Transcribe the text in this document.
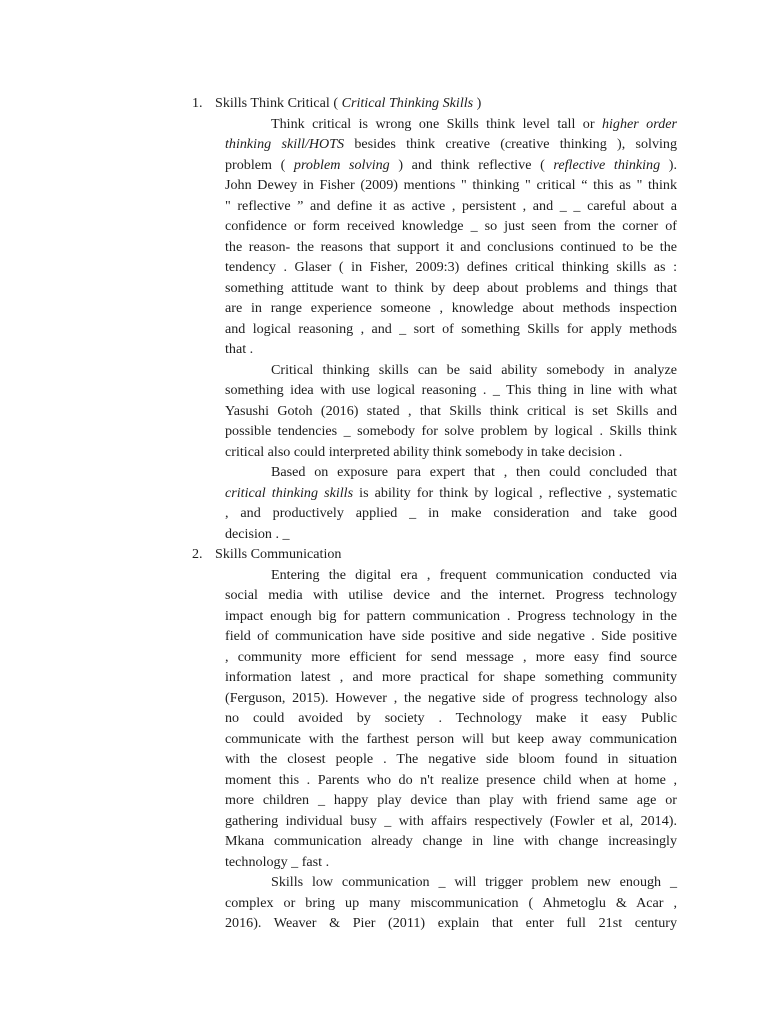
1. Skills Think Critical ( Critical Thinking Skills )
Think critical is wrong one Skills think level tall or higher order
thinking skill/HOTS besides think creative (creative thinking ), solving
problem ( problem solving ) and think reflective ( reflective thinking ).
John Dewey in Fisher (2009) mentions " thinking " critical “ this as " think
" reflective ” and define it as active , persistent , and _ _ careful about a
confidence or form received knowledge _ so just seen from the corner of
the reason- the reasons that support it and conclusions continued to be the
tendency . Glaser ( in Fisher, 2009:3) defines critical thinking skills as :
something attitude want to think by deep about problems and things that
are in range experience someone , knowledge about methods inspection
and logical reasoning , and _ sort of something Skills for apply methods
that .
Critical thinking skills can be said ability somebody in analyze
something idea with use logical reasoning . _ This thing in line with what
Yasushi Gotoh (2016) stated , that Skills think critical is set Skills and
possible tendencies _ somebody for solve problem by logical . Skills think
critical also could interpreted ability think somebody in take decision .
Based on exposure para expert that , then could concluded that
critical thinking skills is ability for think by logical , reflective , systematic
, and productively applied _ in make consideration and take good
decision . _
2. Skills Communication
Entering the digital era , frequent communication conducted via
social media with utilise device and the internet. Progress technology
impact enough big for pattern communication . Progress technology in the
field of communication have side positive and side negative . Side positive
, community more efficient for send message , more easy find source
information latest , and more practical for shape something community
(Ferguson, 2015). However , the negative side of progress technology also
no could avoided by society . Technology make it easy Public
communicate with the farthest person will but keep away communication
with the closest people . The negative side bloom found in situation
moment this . Parents who do n't realize presence child when at home ,
more children _ happy play device than play with friend same age or
gathering individual busy _ with affairs respectively (Fowler et al, 2014).
Mkana communication already change in line with change increasingly
technology _ fast .
Skills low communication _ will trigger problem new enough _
complex or bring up many miscommunication ( Ahmetoglu & Acar ,
2016). Weaver & Pier (2011) explain that enter full 21st century
